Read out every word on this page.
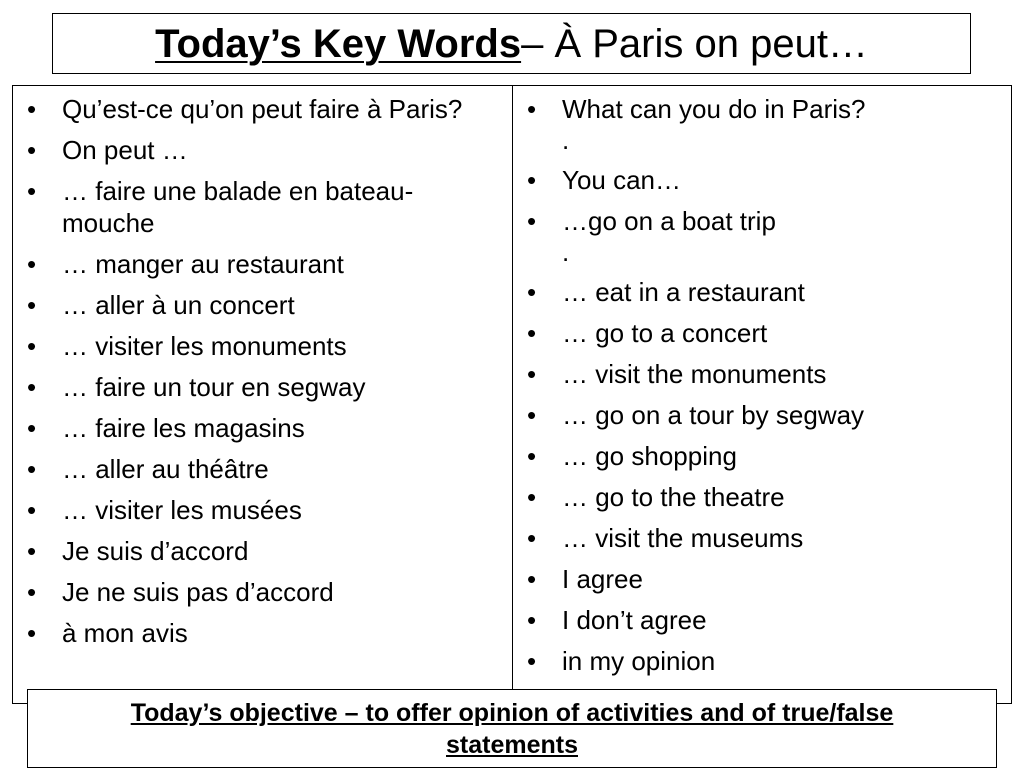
Today’s Key Words – À Paris on peut…
• Qu’est-ce qu’on peut faire à Paris?
• On peut …
• … faire une balade en bateau-mouche
• … manger au restaurant
• … aller à un concert
• … visiter les monuments
• … faire un tour en segway
• … faire les magasins
• … aller au théâtre
• … visiter les musées
• Je suis d’accord
• Je ne suis pas d’accord
• à mon avis
• What can you do in Paris?
.
• You can…
• …go on a boat trip
.
• … eat in a restaurant
• … go to a concert
• … visit the monuments
• … go on a tour by segway
• … go shopping
• … go to the theatre
• … visit the museums
• I agree
• I don’t agree
• in my opinion
Today’s objective – to offer opinion of activities and of true/false statements
